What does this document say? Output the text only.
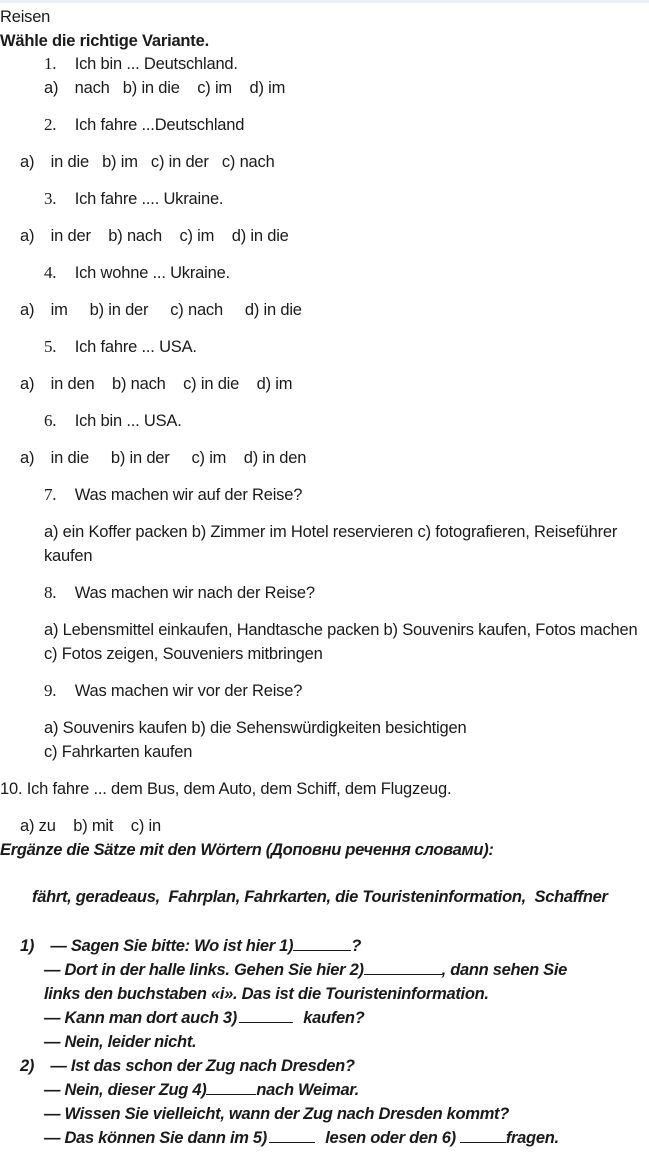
Reisen
Wähle die richtige Variante.
1. Ich bin ... Deutschland.
a) nach   b) in die    c) im    d) im
2. Ich fahre ...Deutschland
a) in die   b) im   c) in der   c) nach
3. Ich fahre .... Ukraine.
a) in der    b) nach    c) im    d) in die
4. Ich wohne ... Ukraine.
a) im     b) in der     c) nach     d) in die
5. Ich fahre ... USA.
a) in den    b) nach    c) in die    d) im
6. Ich bin ... USA.
a) in die     b) in der     c) im    d) in den
7. Was machen wir auf der Reise?
a) ein Koffer packen b) Zimmer im Hotel reservieren c) fotografieren, Reiseführer
kaufen
8. Was machen wir nach der Reise?
a) Lebensmittel einkaufen, Handtasche packen b) Souvenirs kaufen, Fotos machen
c) Fotos zeigen, Souveniers mitbringen
9. Was machen wir vor der Reise?
a) Souvenirs kaufen b) die Sehenswürdigkeiten besichtigen
c) Fahrkarten kaufen
10. Ich fahre ... dem Bus, dem Auto, dem Schiff, dem Flugzeug.
a) zu    b) mit    c) in
Ergänze die Sätze mit den Wörtern (Доповни речення словами):
fährt, geradeaus,  Fahrplan, Fahrkarten, die Touristeninformation,  Schaffner
1) — Sagen Sie bitte: Wo ist hier 1)	?
— Dort in der halle links. Gehen Sie hier 2)	, dann sehen Sie
links den buchstaben «i». Das ist die Touristeninformation.
— Kann man dort auch 3)	kaufen?
— Nein, leider nicht.
2) — Ist das schon der Zug nach Dresden?
— Nein, dieser Zug 4)	nach Weimar.
— Wissen Sie vielleicht, wann der Zug nach Dresden kommt?
— Das können Sie dann im 5)	lesen oder den 6)	fragen.
